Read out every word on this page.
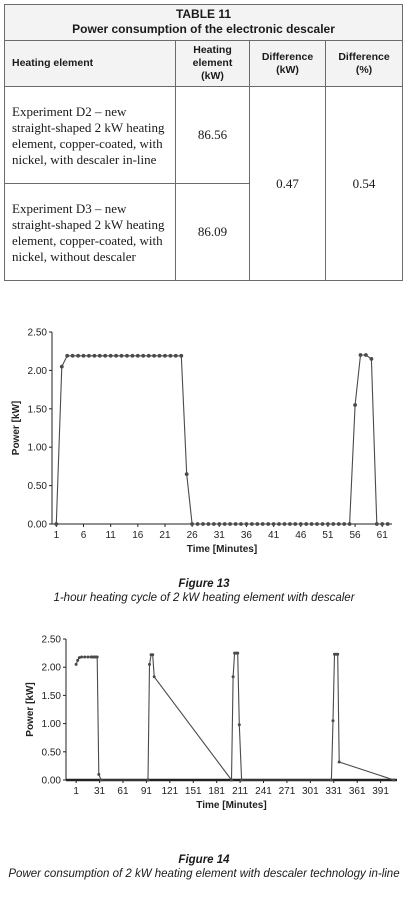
TABLE 11
Power consumption of the electronic descaler			

Heating element	Heating element (kW)	Difference (kW)	Difference (%)
Experiment D2 – new straight-shaped 2 kW heating element, copper-coated, with nickel, with descaler in-line	86.56	0.47	0.54
Experiment D3 – new straight-shaped 2 kW heating element, copper-coated, with nickel, without descaler	86.09		
0.00
0.50
1.00
1.50
2.00
2.50
1 6 11 16 21 26 31 36 41 46 51 56 61
Power [kW]
Time [Minutes]
Figure 13
1-hour heating cycle of 2 kW heating element with descaler
0.00
0.50
1.00
1.50
2.00
2.50
1 31 61 91 121 151 181 211 241 271 301 331 361 391
Power [kW]
Time [Minutes]
Figure 14
Power consumption of 2 kW heating element with descaler technology in-line
